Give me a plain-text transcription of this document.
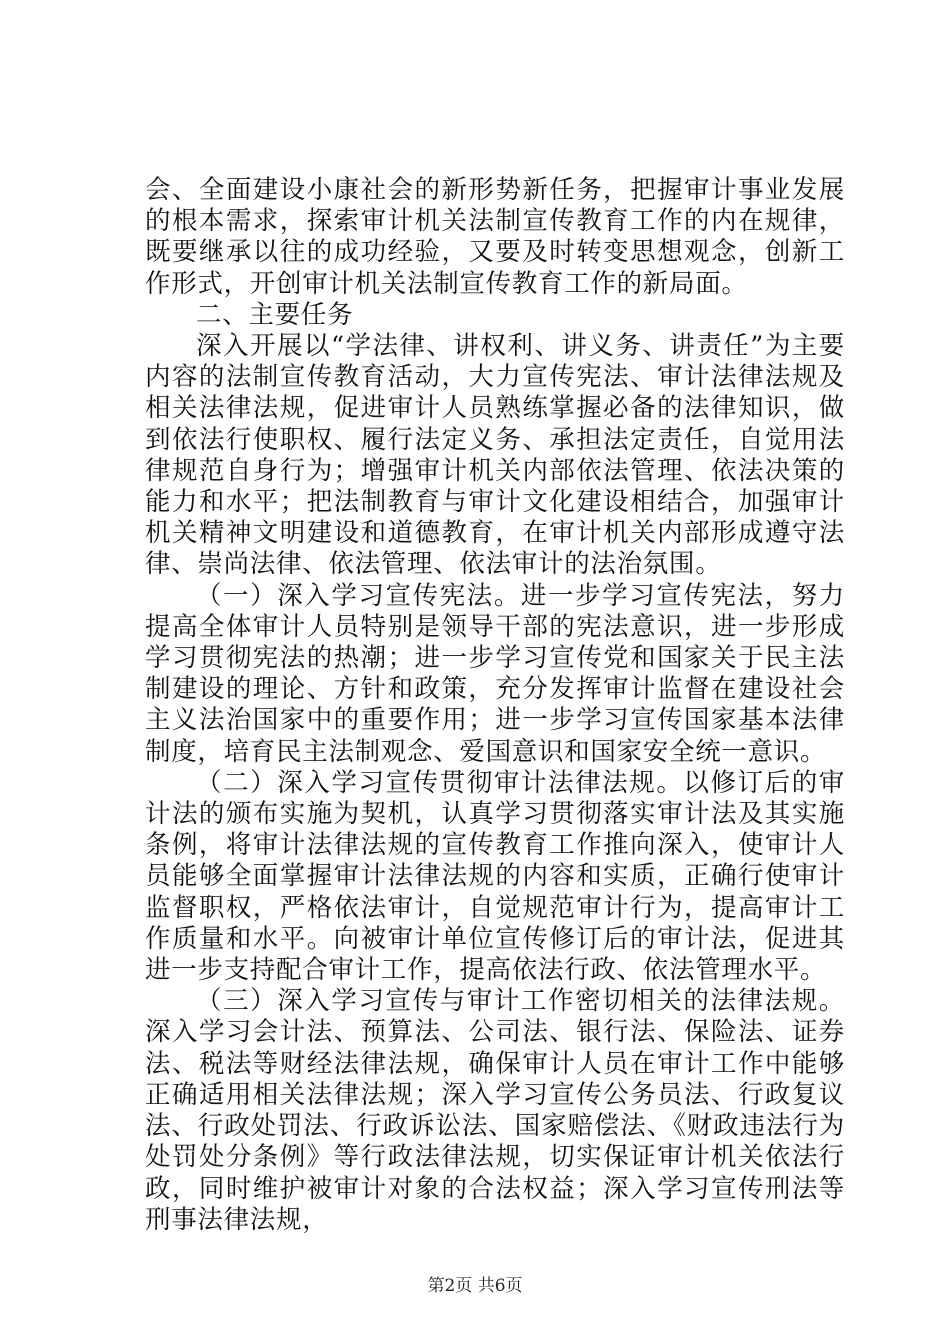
会、全面建设小康社会的新形势新任务，把握审计事业发展的根本需求，探索审计机关法制宣传教育工作的内在规律，既要继承以往的成功经验，又要及时转变思想观念，创新工作形式，开创审计机关法制宣传教育工作的新局面。

二、主要任务

深入开展以“学法律、讲权利、讲义务、讲责任”为主要内容的法制宣传教育活动，大力宣传宪法、审计法律法规及相关法律法规，促进审计人员熟练掌握必备的法律知识，做到依法行使职权、履行法定义务、承担法定责任，自觉用法律规范自身行为；增强审计机关内部依法管理、依法决策的能力和水平；把法制教育与审计文化建设相结合，加强审计机关精神文明建设和道德教育，在审计机关内部形成遵守法律、崇尚法律、依法管理、依法审计的法治氛围。

（一）深入学习宣传宪法。进一步学习宣传宪法，努力提高全体审计人员特别是领导干部的宪法意识，进一步形成学习贯彻宪法的热潮；进一步学习宣传党和国家关于民主法制建设的理论、方针和政策，充分发挥审计监督在建设社会主义法治国家中的重要作用；进一步学习宣传国家基本法律制度，培育民主法制观念、爱国意识和国家安全统一意识。

（二）深入学习宣传贯彻审计法律法规。以修订后的审计法的颁布实施为契机，认真学习贯彻落实审计法及其实施条例，将审计法律法规的宣传教育工作推向深入，使审计人员能够全面掌握审计法律法规的内容和实质，正确行使审计监督职权，严格依法审计，自觉规范审计行为，提高审计工作质量和水平。向被审计单位宣传修订后的审计法，促进其进一步支持配合审计工作，提高依法行政、依法管理水平。

（三）深入学习宣传与审计工作密切相关的法律法规。深入学习会计法、预算法、公司法、银行法、保险法、证券法、税法等财经法律法规，确保审计人员在审计工作中能够正确适用相关法律法规；深入学习宣传公务员法、行政复议法、行政处罚法、行政诉讼法、国家赔偿法、《财政违法行为处罚处分条例》等行政法律法规，切实保证审计机关依法行政，同时维护被审计对象的合法权益；深入学习宣传刑法等刑事法律法规，

第2页 共6页
